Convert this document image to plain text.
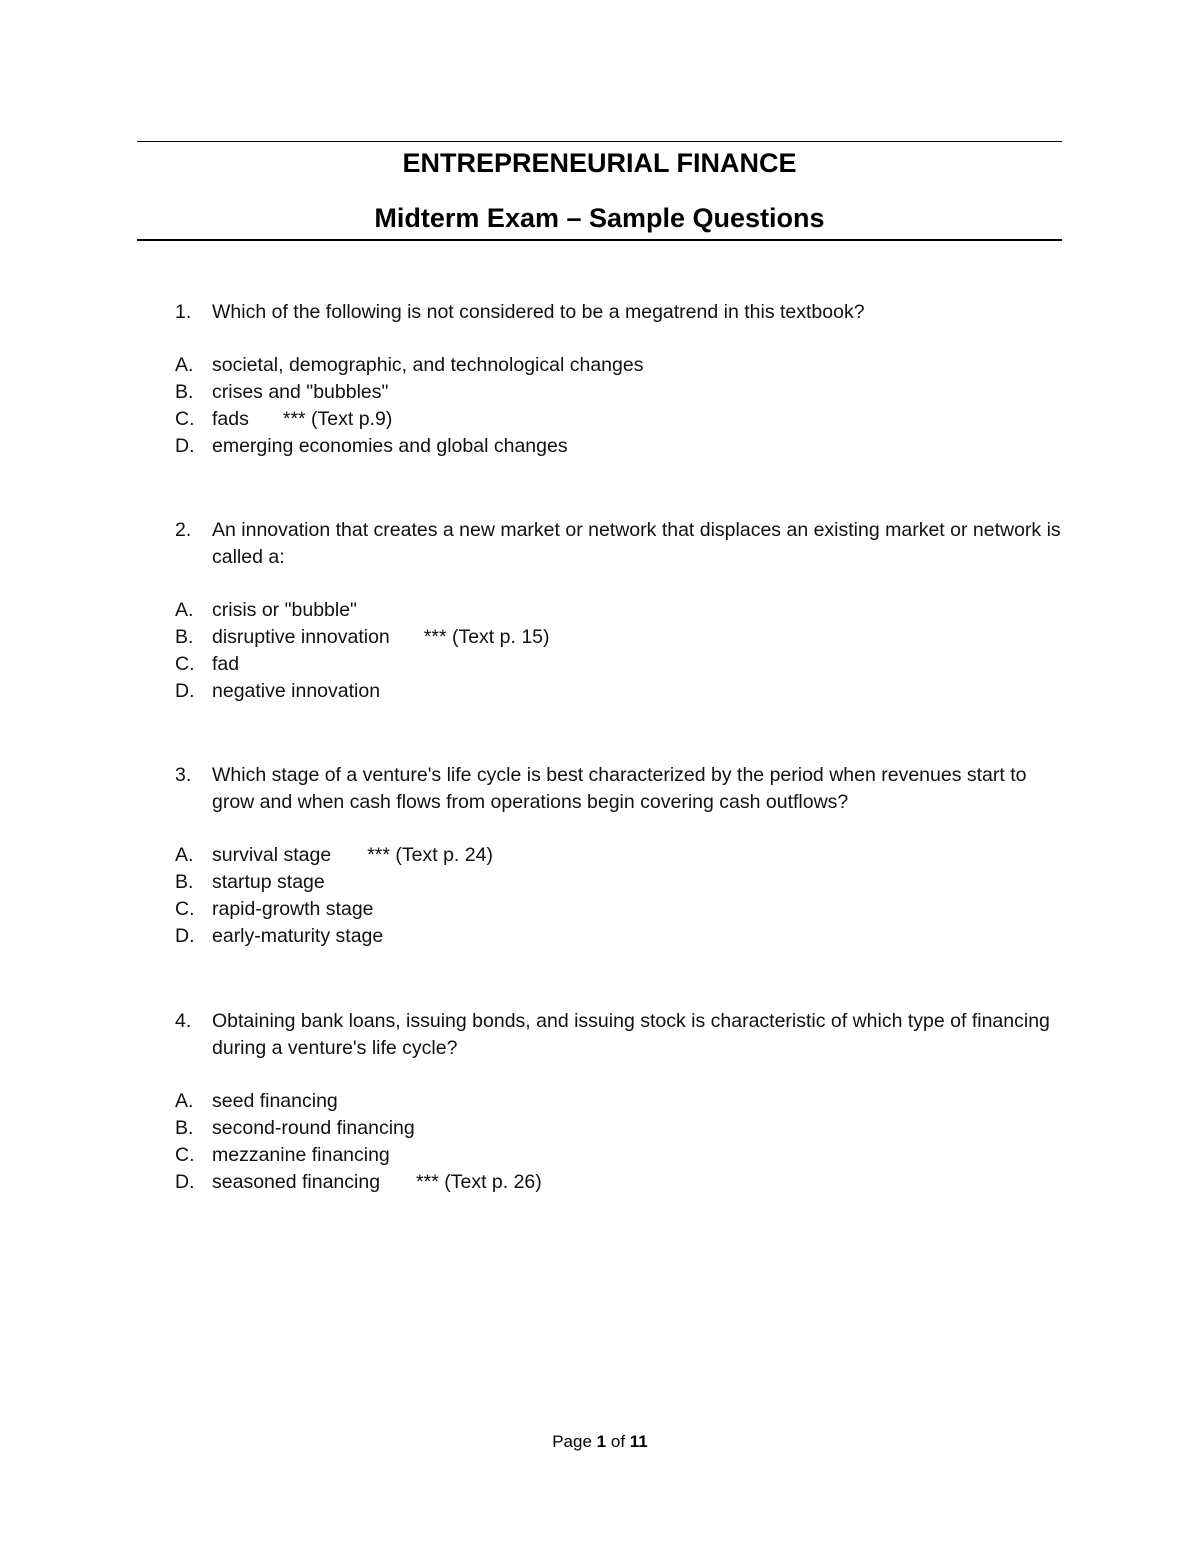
ENTREPRENEURIAL FINANCE
Midterm Exam – Sample Questions
1. Which of the following is not considered to be a megatrend in this textbook?
A. societal, demographic, and technological changes
B. crises and "bubbles"
C. fads *** (Text p.9)
D. emerging economies and global changes
2. An innovation that creates a new market or network that displaces an existing market or network is called a:
A. crisis or "bubble"
B. disruptive innovation *** (Text p. 15)
C. fad
D. negative innovation
3. Which stage of a venture's life cycle is best characterized by the period when revenues start to grow and when cash flows from operations begin covering cash outflows?
A. survival stage *** (Text p. 24)
B. startup stage
C. rapid-growth stage
D. early-maturity stage
4. Obtaining bank loans, issuing bonds, and issuing stock is characteristic of which type of financing during a venture's life cycle?
A. seed financing
B. second-round financing
C. mezzanine financing
D. seasoned financing *** (Text p. 26)
Page 1 of 11
